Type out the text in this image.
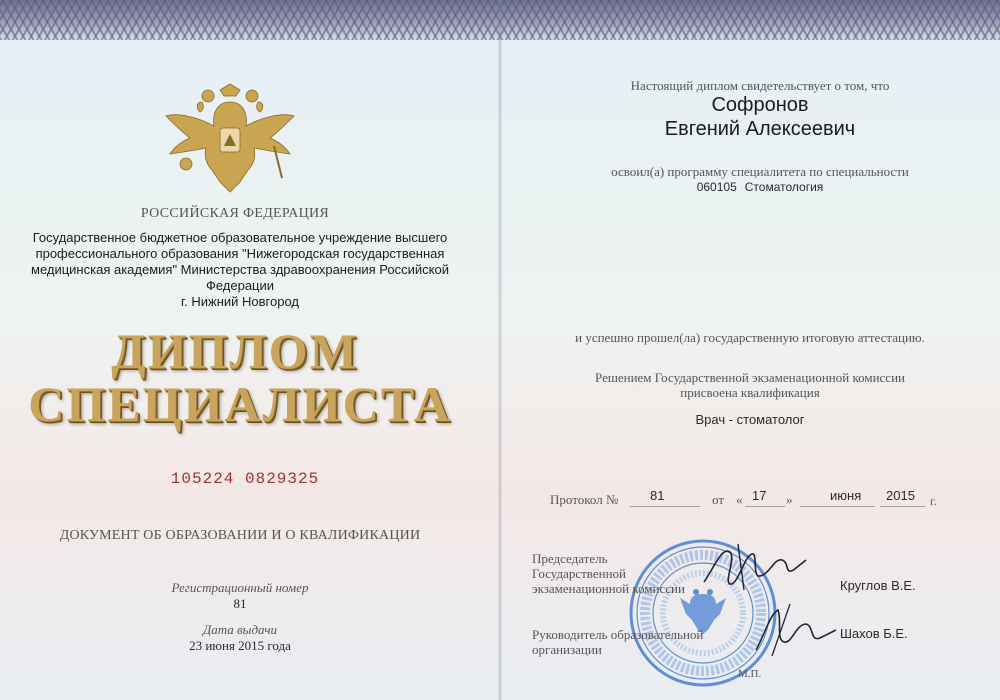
РОССИЙСКАЯ ФЕДЕРАЦИЯ
Государственное бюджетное образовательное учреждение высшего профессионального образования "Нижегородская государственная медицинская академия" Министерства здравоохранения Российской Федерации
г. Нижний Новгород
ДИПЛОМ
СПЕЦИАЛИСТА
105224 0829325
ДОКУМЕНТ ОБ ОБРАЗОВАНИИ И О КВАЛИФИКАЦИИ
Регистрационный номер
81
Дата выдачи
23 июня 2015 года
Настоящий диплом свидетельствует о том, что
Софронов
Евгений Алексеевич
освоил(а) программу специалитета по специальности
060105 Стоматология
и успешно прошел(ла) государственную итоговую аттестацию.
Решением Государственной экзаменационной комиссии
присвоена квалификация
Врач - стоматолог
Протокол № 81	от « 17 »	июня 2015 г.
Председатель
Государственной
экзаменационной комиссии	Круглов В.Е.
Руководитель образовательной
организации
Шахов Б.Е.
М.П.
